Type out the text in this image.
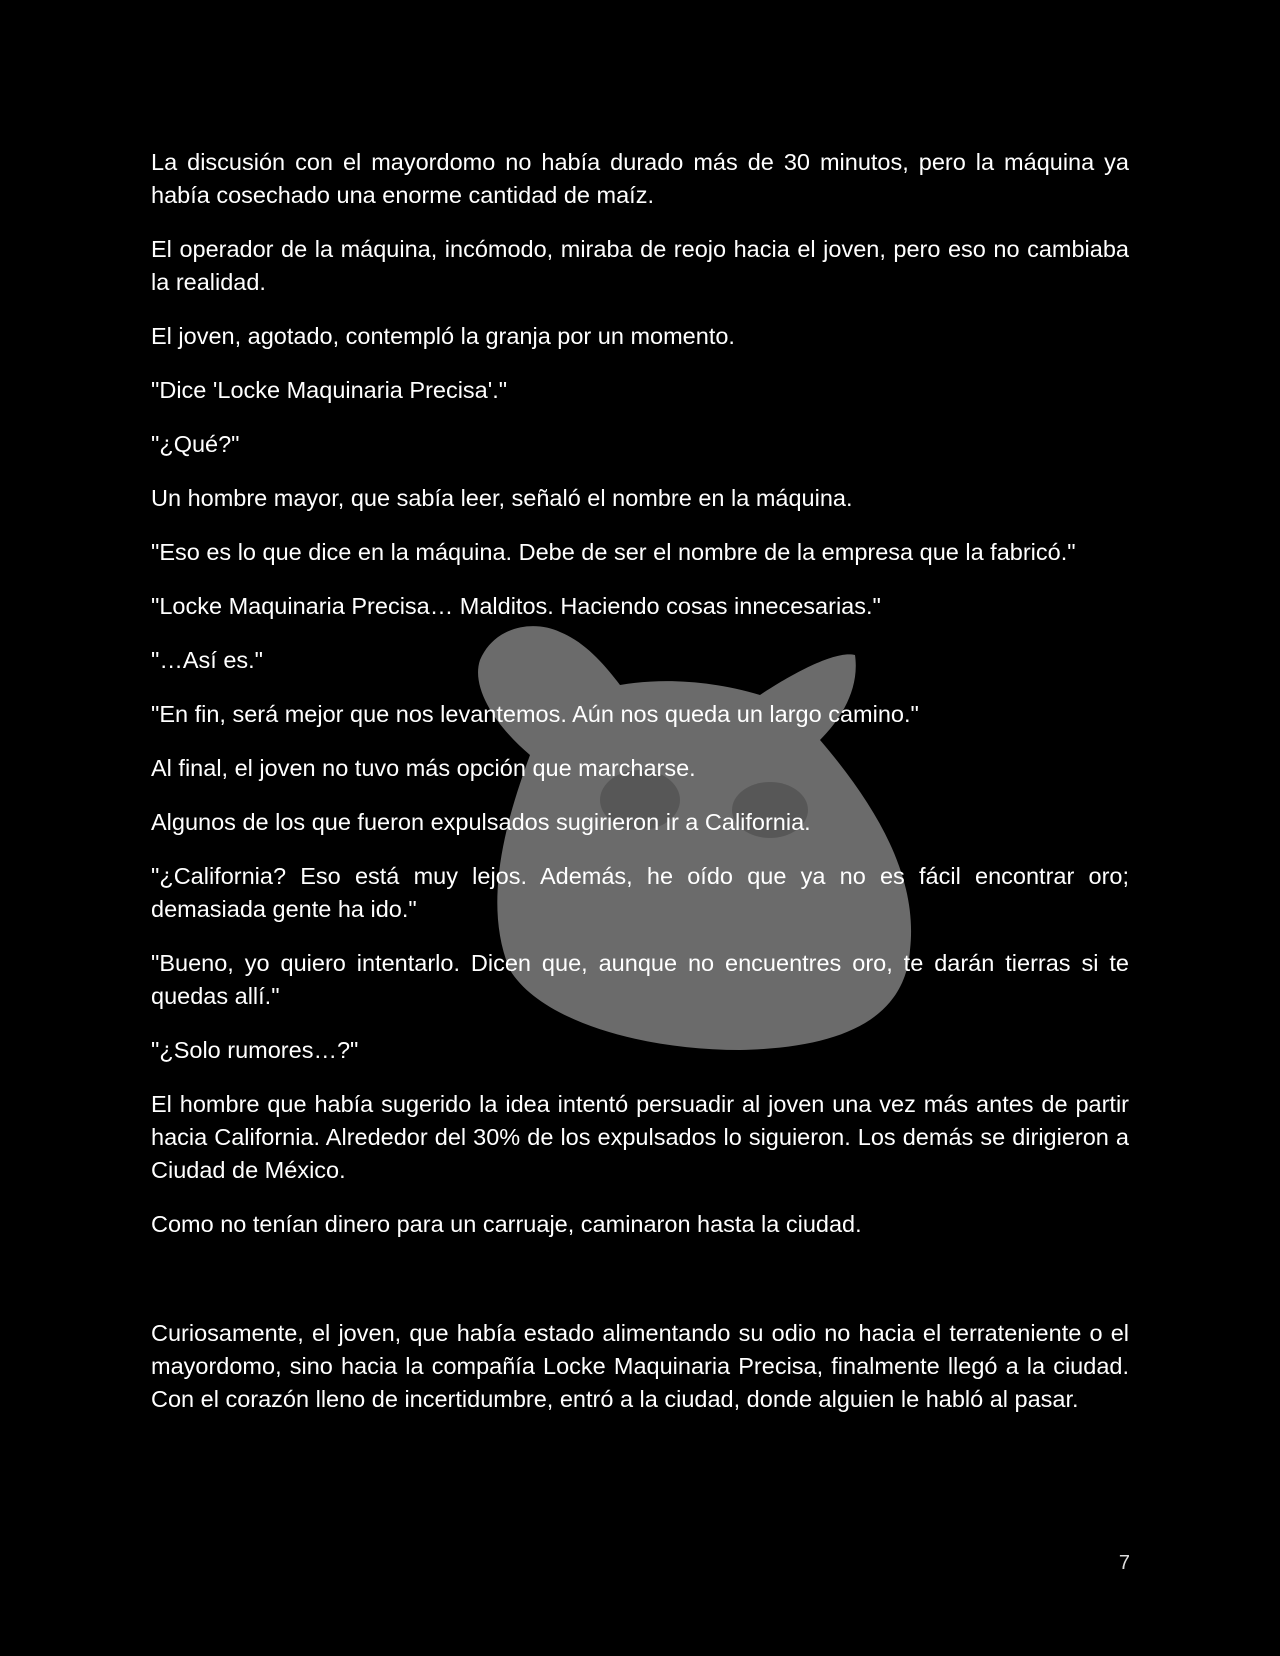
La discusión con el mayordomo no había durado más de 30 minutos, pero la máquina ya había cosechado una enorme cantidad de maíz.

El operador de la máquina, incómodo, miraba de reojo hacia el joven, pero eso no cambiaba la realidad.

El joven, agotado, contempló la granja por un momento.

"Dice 'Locke Maquinaria Precisa'."

"¿Qué?"

Un hombre mayor, que sabía leer, señaló el nombre en la máquina.

"Eso es lo que dice en la máquina. Debe de ser el nombre de la empresa que la fabricó."

"Locke Maquinaria Precisa… Malditos. Haciendo cosas innecesarias."

"…Así es."

"En fin, será mejor que nos levantemos. Aún nos queda un largo camino."

Al final, el joven no tuvo más opción que marcharse.

Algunos de los que fueron expulsados sugirieron ir a California.

"¿California? Eso está muy lejos. Además, he oído que ya no es fácil encontrar oro; demasiada gente ha ido."

"Bueno, yo quiero intentarlo. Dicen que, aunque no encuentres oro, te darán tierras si te quedas allí."

"¿Solo rumores…?"

El hombre que había sugerido la idea intentó persuadir al joven una vez más antes de partir hacia California. Alrededor del 30% de los expulsados lo siguieron. Los demás se dirigieron a Ciudad de México.

Como no tenían dinero para un carruaje, caminaron hasta la ciudad.

Curiosamente, el joven, que había estado alimentando su odio no hacia el terrateniente o el mayordomo, sino hacia la compañía Locke Maquinaria Precisa, finalmente llegó a la ciudad. Con el corazón lleno de incertidumbre, entró a la ciudad, donde alguien le habló al pasar.

7
